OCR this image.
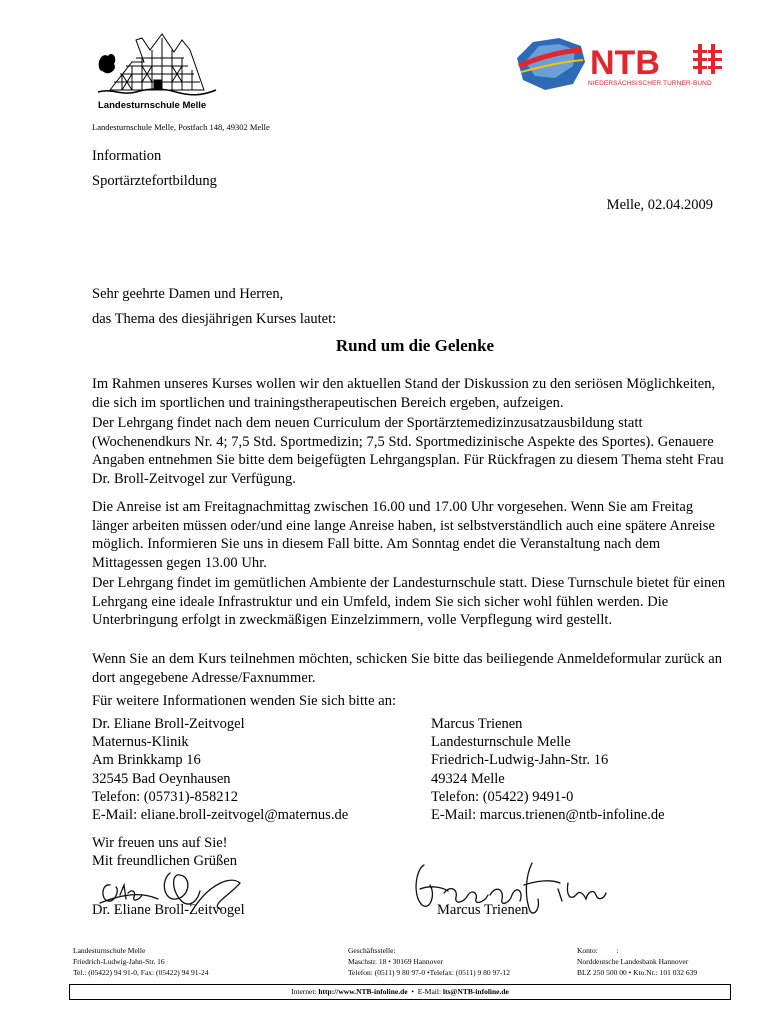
Landesturnschule Melle
NTB
NIEDERSÄCHSISCHER TURNER-BUND
Landesturnschule Melle, Postfach 148, 49302 Melle
Information
Sportärztefortbildung
Melle, 02.04.2009
Sehr geehrte Damen und Herren,
das Thema des diesjährigen Kurses lautet:
Rund um die Gelenke
Im Rahmen unseres Kurses wollen wir den aktuellen Stand der Diskussion zu den seriösen Möglichkeiten, die sich im sportlichen und trainingstherapeutischen Bereich ergeben, aufzeigen.
Der Lehrgang findet nach dem neuen Curriculum der Sportärztemedizinzusatzausbildung statt (Wochenendkurs Nr. 4; 7,5 Std. Sportmedizin; 7,5 Std. Sportmedizinische Aspekte des Sportes). Genauere Angaben entnehmen Sie bitte dem beigefügten Lehrgangsplan. Für Rückfragen zu diesem Thema steht Frau Dr. Broll-Zeitvogel zur Verfügung.
Die Anreise ist am Freitagnachmittag zwischen 16.00 und 17.00 Uhr vorgesehen. Wenn Sie am Freitag länger arbeiten müssen oder/und eine lange Anreise haben, ist selbstverständlich auch eine spätere Anreise möglich. Informieren Sie uns in diesem Fall bitte. Am Sonntag endet die Veranstaltung nach dem Mittagessen gegen 13.00 Uhr.
Der Lehrgang findet im gemütlichen Ambiente der Landesturnschule statt. Diese Turnschule bietet für einen Lehrgang eine ideale Infrastruktur und ein Umfeld, indem Sie sich sicher wohl fühlen werden. Die Unterbringung erfolgt in zweckmäßigen Einzelzimmern, volle Verpflegung wird gestellt.
Wenn Sie an dem Kurs teilnehmen möchten, schicken Sie bitte das beiliegende Anmeldeformular zurück an dort angegebene Adresse/Faxnummer.
Für weitere Informationen wenden Sie sich bitte an:
Dr. Eliane Broll-Zeitvogel
Maternus-Klinik
Am Brinkkamp 16
32545 Bad Oeynhausen
Telefon: (05731)-858212
E-Mail: eliane.broll-zeitvogel@maternus.de
Marcus Trienen
Landesturnschule Melle
Friedrich-Ludwig-Jahn-Str. 16
49324 Melle
Telefon: (05422) 9491-0
E-Mail: marcus.trienen@ntb-infoline.de
Wir freuen uns auf Sie!
Mit freundlichen Grüßen
Dr. Eliane Broll-Zeitvogel	Marcus Trienen
Landesturnschule Melle
Friedrich-Ludwig-Jahn-Str. 16
Tel.: (05422) 94 91-0, Fax: (05422) 94 91-24
Geschäftsstelle:
Maschstr. 18 • 30169 Hannover
Telefon: (0511) 9 80 97-0 •Telefax: (0511) 9 80 97-12
Konto:          :
Norddeutsche Landesbank Hannover
BLZ 250 500 00 • Kto.Nr.: 101 032 639
Internet: http://www.NTB-infoline.de • E-Mail: lts@NTB-infoline.de
